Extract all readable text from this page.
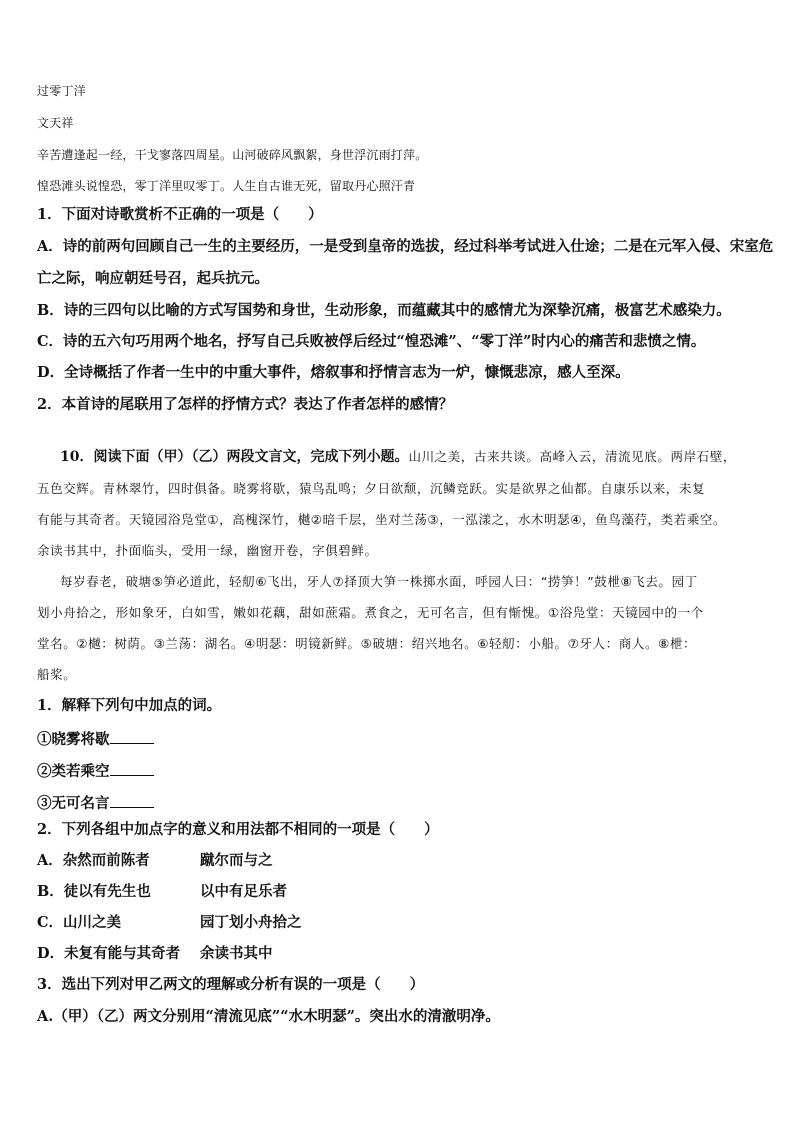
过零丁洋
文天祥
辛苦遭逢起一经，干戈寥落四周星。山河破碎风飘絮，身世浮沉雨打萍。
惶恐滩头说惶恐，零丁洋里叹零丁。人生自古谁无死，留取丹心照汗青
1．下面对诗歌赏析不正确的一项是（　　）
A．诗的前两句回顾自己一生的主要经历，一是受到皇帝的选拔，经过科举考试进入仕途；二是在元军入侵、宋室危
亡之际，响应朝廷号召，起兵抗元。
B．诗的三四句以比喻的方式写国势和身世，生动形象，而蕴藏其中的感情尤为深挚沉痛，极富艺术感染力。
C．诗的五六句巧用两个地名，抒写自己兵败被俘后经过“惶恐滩”、“零丁洋”时内心的痛苦和悲愤之情。
D．全诗概括了作者一生中的中重大事件，熔叙事和抒情言志为一炉，慷慨悲凉，感人至深。
2．本首诗的尾联用了怎样的抒情方式？表达了作者怎样的感情？
10．阅读下面（甲）（乙）两段文言文，完成下列小题。山川之美，古来共谈。高峰入云，清流见底。两岸石壁，
五色交辉。青林翠竹，四时俱备。晓雾将歇，猿鸟乱鸣；夕日欲颓，沉鳞竞跃。实是欲界之仙都。自康乐以来，未复
有能与其奇者。天镜园浴凫堂①，高槐深竹，樾②暗千层，坐对兰荡③，一泓漾之，水木明瑟④，鱼鸟藻荇，类若乘空。
余读书其中，扑面临头，受用一绿，幽窗开卷，字俱碧鲜。
每岁春老，破塘⑤笋必道此，轻舠⑥飞出，牙人⑦择顶大笋一株掷水面，呼园人曰：“捞笋！”鼓枻⑧飞去。园丁
划小舟拾之，形如象牙，白如雪，嫩如花藕，甜如蔗霜。煮食之，无可名言，但有惭愧。①浴凫堂：天镜园中的一个
堂名。②樾：树荫。③兰荡：湖名。④明瑟：明镜新鲜。⑤破塘：绍兴地名。⑥轻舠：小船。⑦牙人：商人。⑧枻：
船桨。
1．解释下列句中加点的词。
①晓雾将歇
②类若乘空
③无可名言
2．下列各组中加点字的意义和用法都不相同的一项是（　　）
A．杂然而前陈者	蹴尔而与之
B．徒以有先生也	以中有足乐者
C．山川之美	园丁划小舟拾之
D．未复有能与其奇者 余读书其中
3．选出下列对甲乙两文的理解或分析有误的一项是（　　）
A.（甲）（乙）两文分别用“清流见底”“水木明瑟”。突出水的清澈明净。
